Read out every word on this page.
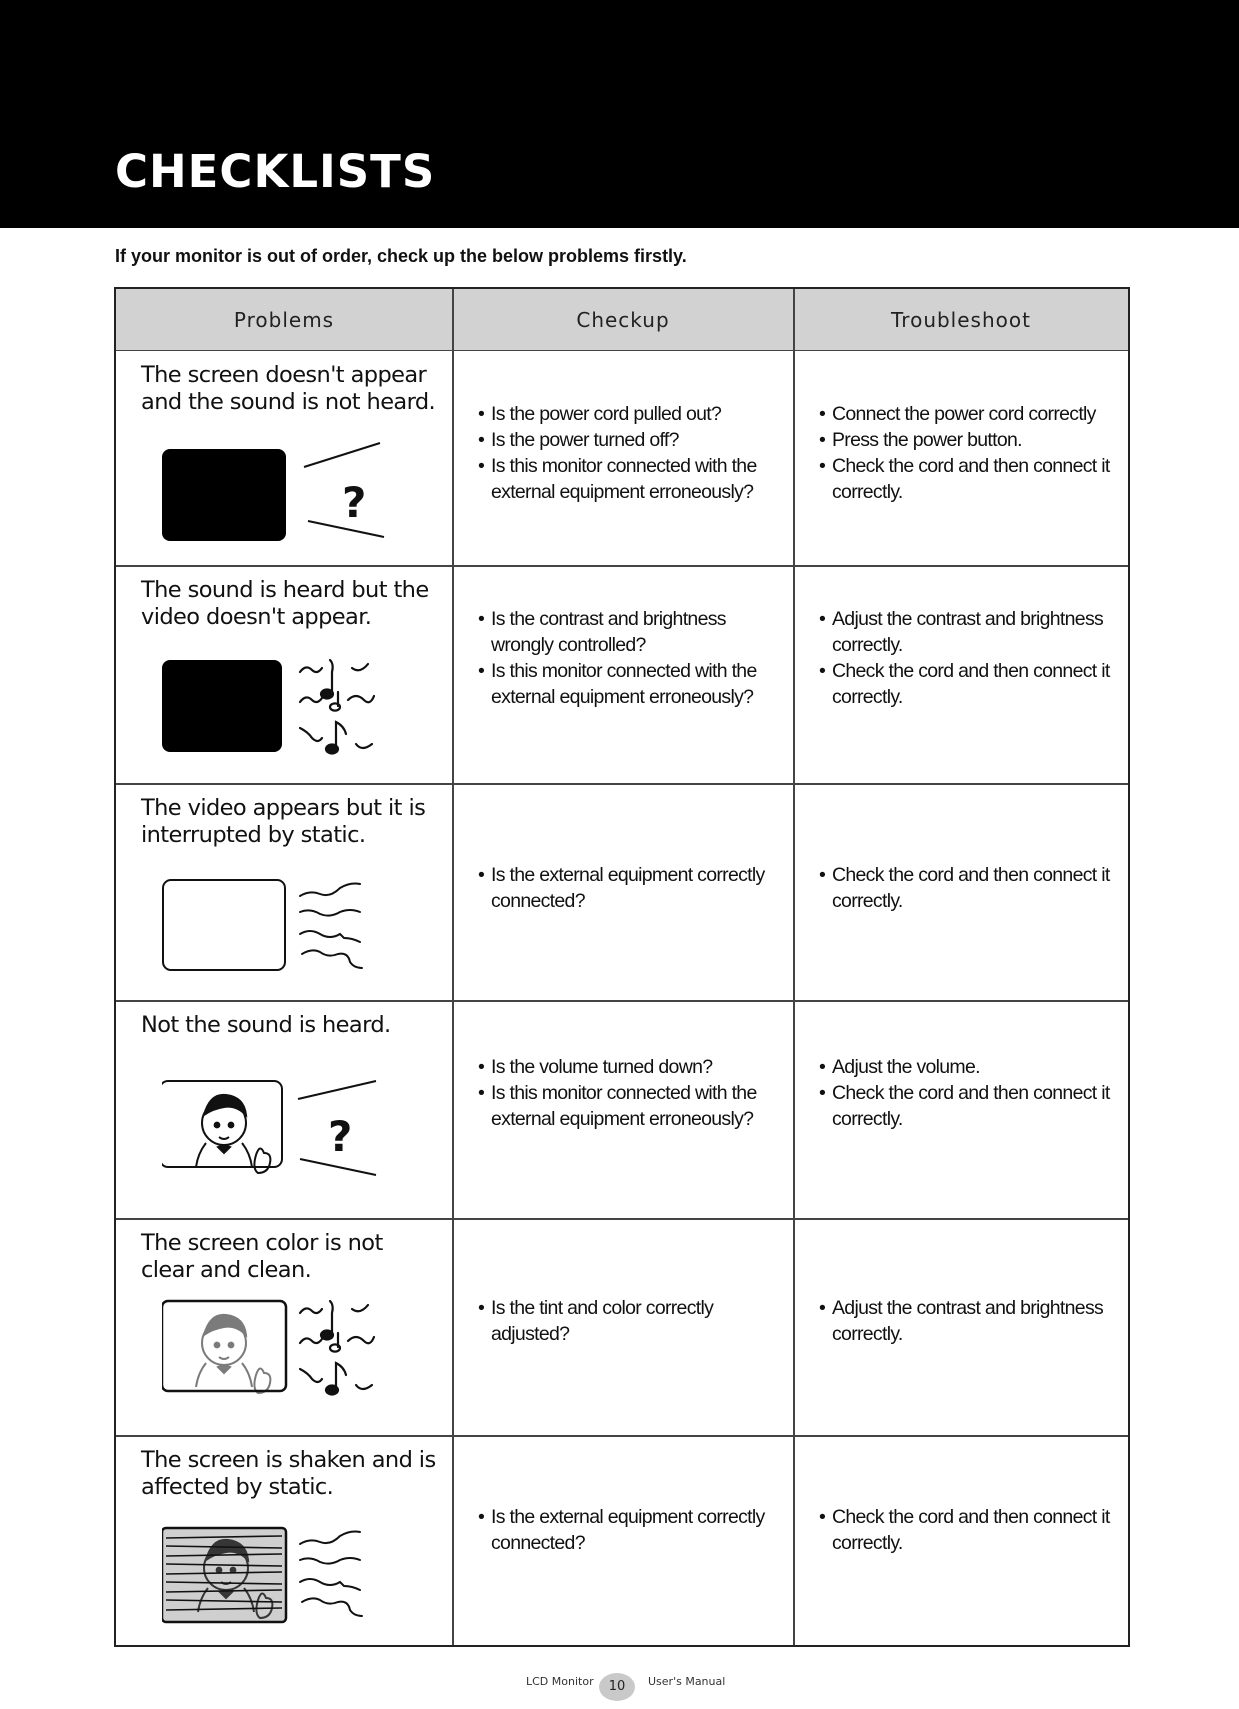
CHECKLISTS

If your monitor is out of order, check up the below problems firstly.

Problems	Checkup	Troubleshoot
The screen doesn't appear and the sound is not heard.
?
• Is the power cord pulled out?
• Is the power turned off?
• Is this monitor connected with the external equipment erroneously?
• Connect the power cord correctly
• Press the power button.
• Check the cord and then connect it correctly.
The sound is heard but the video doesn't appear.
•	Is the contrast and brightness wrongly controlled?
• Is this monitor connected with the external equipment erroneously?
• Adjust the contrast and brightness correctly.
• Check the cord and then connect it correctly.
The video appears but it is interrupted by static.
• Is the external equipment correctly connected?
• Check the cord and then connect it correctly.
Not the sound is heard.
?
• Is the volume turned down?
• Is this monitor connected with the external equipment erroneously?
• Adjust the volume.
• Check the cord and then connect it correctly.
The screen color is not clear and clean.
• Is the tint and color correctly adjusted?
• Adjust the contrast and brightness correctly.
The screen is shaken and is affected by static.
• Is the external equipment correctly connected?
• Check the cord and then connect it correctly.
LCD Monitor	10	User's Manual
